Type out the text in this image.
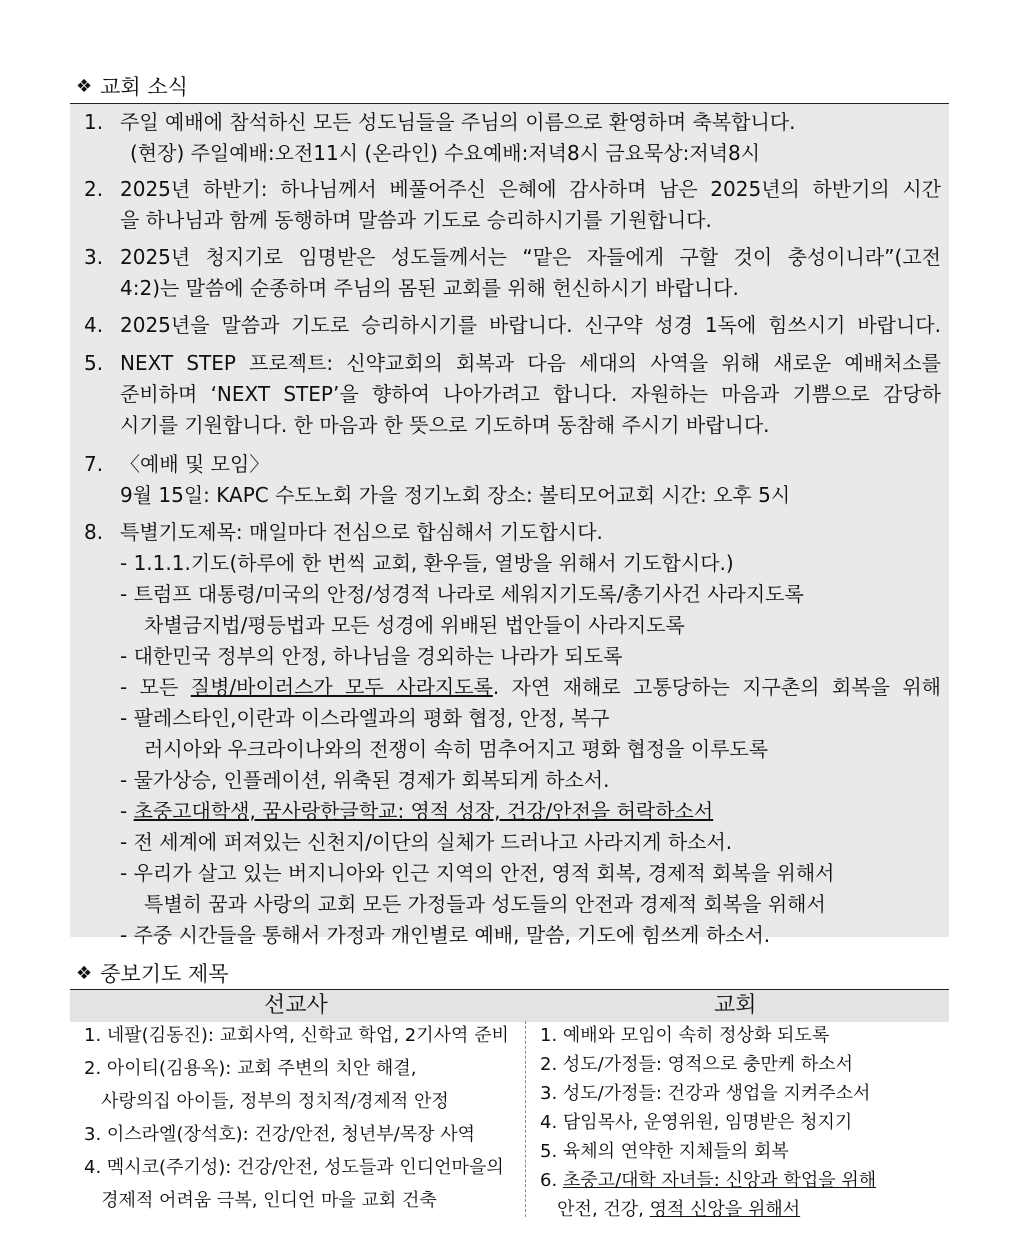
❖ 교회 소식
1. 주일 예배에 참석하신 모든 성도님들을 주님의 이름으로 환영하며 축복합니다.
(현장) 주일예배:오전11시 (온라인) 수요예배:저녁8시 금요묵상:저녁8시
2. 2025년 하반기: 하나님께서 베풀어주신 은혜에 감사하며 남은 2025년의 하반기의 시간
을 하나님과 함께 동행하며 말씀과 기도로 승리하시기를 기원합니다.
3. 2025년 청지기로 임명받은 성도들께서는 “맡은 자들에게 구할 것이 충성이니라”(고전
4:2)는 말씀에 순종하며 주님의 몸된 교회를 위해 헌신하시기 바랍니다.
4. 2025년을 말씀과 기도로 승리하시기를 바랍니다. 신구약 성경 1독에 힘쓰시기 바랍니다.
5. NEXT STEP 프로젝트: 신약교회의 회복과 다음 세대의 사역을 위해 새로운 예배처소를
준비하며 ‘NEXT STEP’을 향하여 나아가려고 합니다. 자원하는 마음과 기쁨으로 감당하
시기를 기원합니다. 한 마음과 한 뜻으로 기도하며 동참해 주시기 바랍니다.
7. 〈예배 및 모임〉
9월 15일: KAPC 수도노회 가을 정기노회 장소: 볼티모어교회 시간: 오후 5시
8. 특별기도제목: 매일마다 전심으로 합심해서 기도합시다.
- 1.1.1.기도(하루에 한 번씩 교회, 환우들, 열방을 위해서 기도합시다.)
- 트럼프 대통령/미국의 안정/성경적 나라로 세워지기도록/총기사건 사라지도록
차별금지법/평등법과 모든 성경에 위배된 법안들이 사라지도록
- 대한민국 정부의 안정, 하나님을 경외하는 나라가 되도록
- 모든 질병/바이러스가 모두 사라지도록. 자연 재해로 고통당하는 지구촌의 회복을 위해
- 팔레스타인,이란과 이스라엘과의 평화 협정, 안정, 복구
러시아와 우크라이나와의 전쟁이 속히 멈추어지고 평화 협정을 이루도록
- 물가상승, 인플레이션, 위축된 경제가 회복되게 하소서.
- 초중고대학생, 꿈사랑한글학교: 영적 성장, 건강/안전을 허락하소서
- 전 세계에 퍼져있는 신천지/이단의 실체가 드러나고 사라지게 하소서.
- 우리가 살고 있는 버지니아와 인근 지역의 안전, 영적 회복, 경제적 회복을 위해서
특별히 꿈과 사랑의 교회 모든 가정들과 성도들의 안전과 경제적 회복을 위해서
- 주중 시간들을 통해서 가정과 개인별로 예배, 말씀, 기도에 힘쓰게 하소서.
❖ 중보기도 제목
선교사	교회
1. 네팔(김동진): 교회사역, 신학교 학업, 2기사역 준비
2. 아이티(김용옥): 교회 주변의 치안 해결,
사랑의집 아이들, 정부의 정치적/경제적 안정
3. 이스라엘(장석호): 건강/안전, 청년부/목장 사역
4. 멕시코(주기성): 건강/안전, 성도들과 인디언마을의
경제적 어려움 극복, 인디언 마을 교회 건축
1. 예배와 모임이 속히 정상화 되도록
2. 성도/가정들: 영적으로 충만케 하소서
3. 성도/가정들: 건강과 생업을 지켜주소서
4. 담임목사, 운영위원, 임명받은 청지기
5. 육체의 연약한 지체들의 회복
6. 초중고/대학 자녀들: 신앙과 학업을 위해
안전, 건강, 영적 신앙을 위해서
